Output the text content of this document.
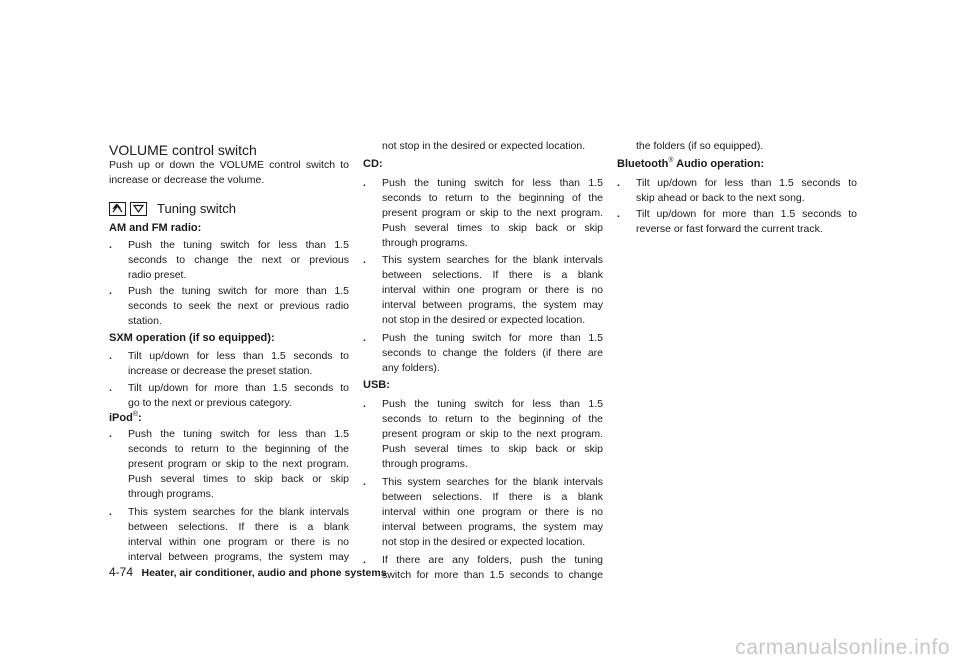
VOLUME control switch
Push up or down the VOLUME control switch to
increase or decrease the volume.
Tuning switch
AM and FM radio:
. Push the tuning switch for less than 1.5
seconds to change the next or previous
radio preset.
. Push the tuning switch for more than 1.5
seconds to seek the next or previous radio
station.
SXM operation (if so equipped):
. Tilt up/down for less than 1.5 seconds to
increase or decrease the preset station.
. Tilt up/down for more than 1.5 seconds to
go to the next or previous category.
iPod®:
. Push the tuning switch for less than 1.5
seconds to return to the beginning of the
present program or skip to the next program.
Push several times to skip back or skip
through programs.
. This system searches for the blank intervals
between selections. If there is a blank
interval within one program or there is no
interval between programs, the system may
not stop in the desired or expected location.
CD:
. Push the tuning switch for less than 1.5
seconds to return to the beginning of the
present program or skip to the next program.
Push several times to skip back or skip
through programs.
. This system searches for the blank intervals
between selections. If there is a blank
interval within one program or there is no
interval between programs, the system may
not stop in the desired or expected location.
. Push the tuning switch for more than 1.5
seconds to change the folders (if there are
any folders).
USB:
. Push the tuning switch for less than 1.5
seconds to return to the beginning of the
present program or skip to the next program.
Push several times to skip back or skip
through programs.
. This system searches for the blank intervals
between selections. If there is a blank
interval within one program or there is no
interval between programs, the system may
not stop in the desired or expected location.
. If there are any folders, push the tuning
switch for more than 1.5 seconds to change
the folders (if so equipped).
Bluetooth® Audio operation:
. Tilt up/down for less than 1.5 seconds to
skip ahead or back to the next song.
. Tilt up/down for more than 1.5 seconds to
reverse or fast forward the current track.
4-74 Heater, air conditioner, audio and phone systems
carmanualsonline.info
